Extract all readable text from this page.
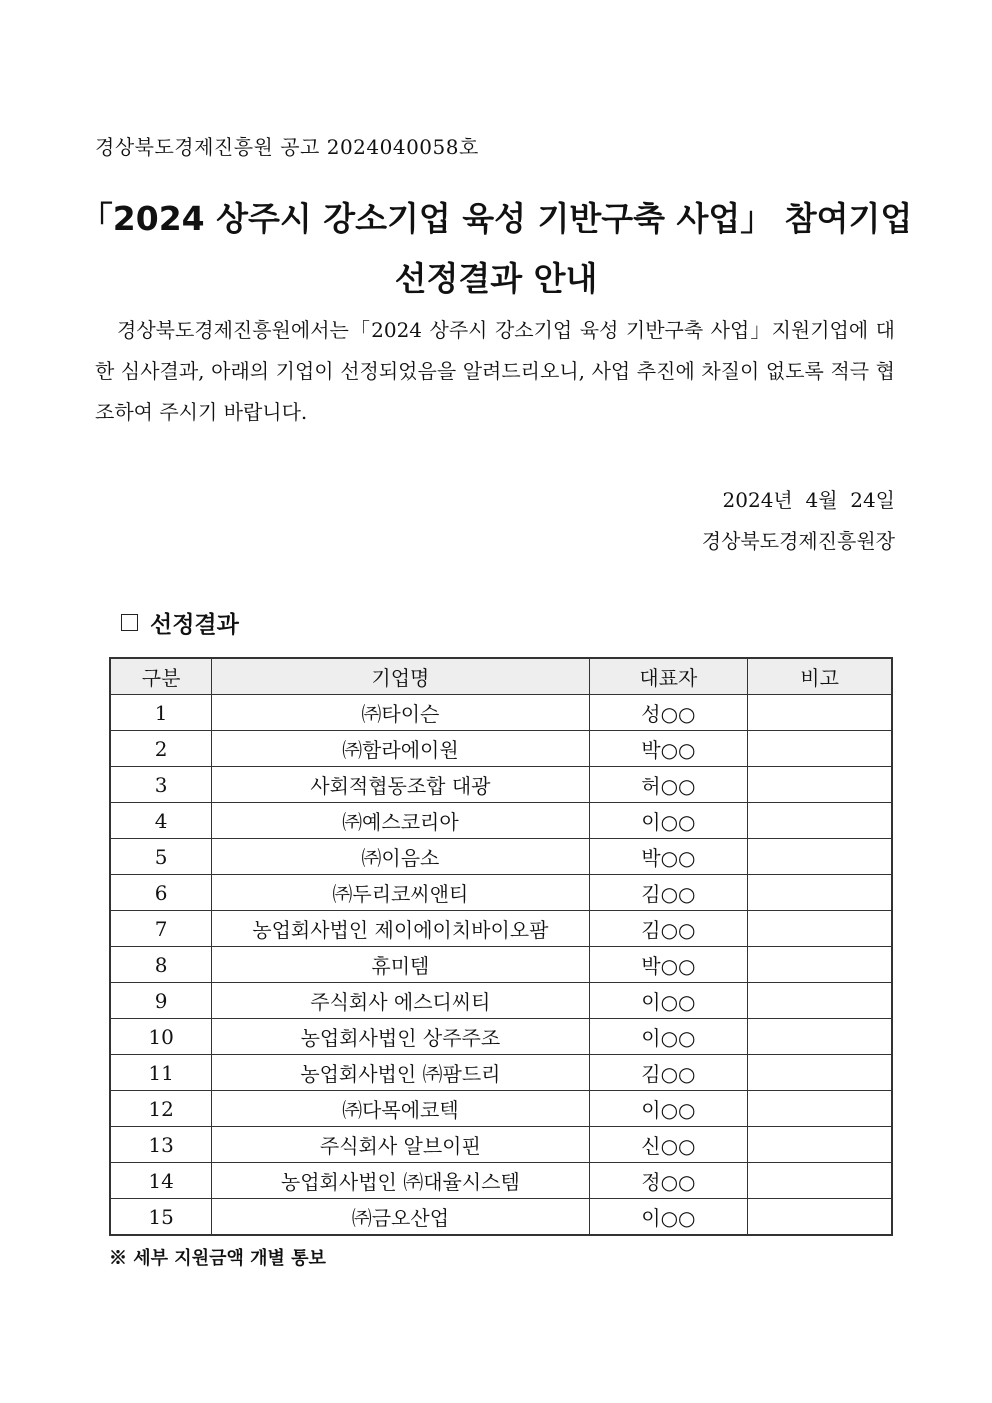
경상북도경제진흥원 공고 2024040058호
「2024 상주시 강소기업 육성 기반구축 사업」 참여기업
선정결과 안내
경상북도경제진흥원에서는「2024 상주시 강소기업 육성 기반구축 사업」지원기업에 대한 심사결과, 아래의 기업이 선정되었음을 알려드리오니, 사업 추진에 차질이 없도록 적극 협조하여 주시기 바랍니다.
2024년  4월  24일
경상북도경제진흥원장
선정결과
구분	기업명	대표자	비고
1	㈜타이슨	성○○	
2	㈜함라에이원	박○○	
3	사회적협동조합 대광	허○○	
4	㈜예스코리아	이○○	
5	㈜이음소	박○○	
6	㈜두리코씨앤티	김○○	
7	농업회사법인 제이에이치바이오팜	김○○	
8	휴미템	박○○	
9	주식회사 에스디씨티	이○○	
10	농업회사법인 상주주조	이○○	
11	농업회사법인 ㈜팜드리	김○○	
12	㈜다목에코텍	이○○	
13	주식회사 알브이핀	신○○	
14	농업회사법인 ㈜대율시스템	정○○	
15	㈜금오산업	이○○	
※ 세부 지원금액 개별 통보
